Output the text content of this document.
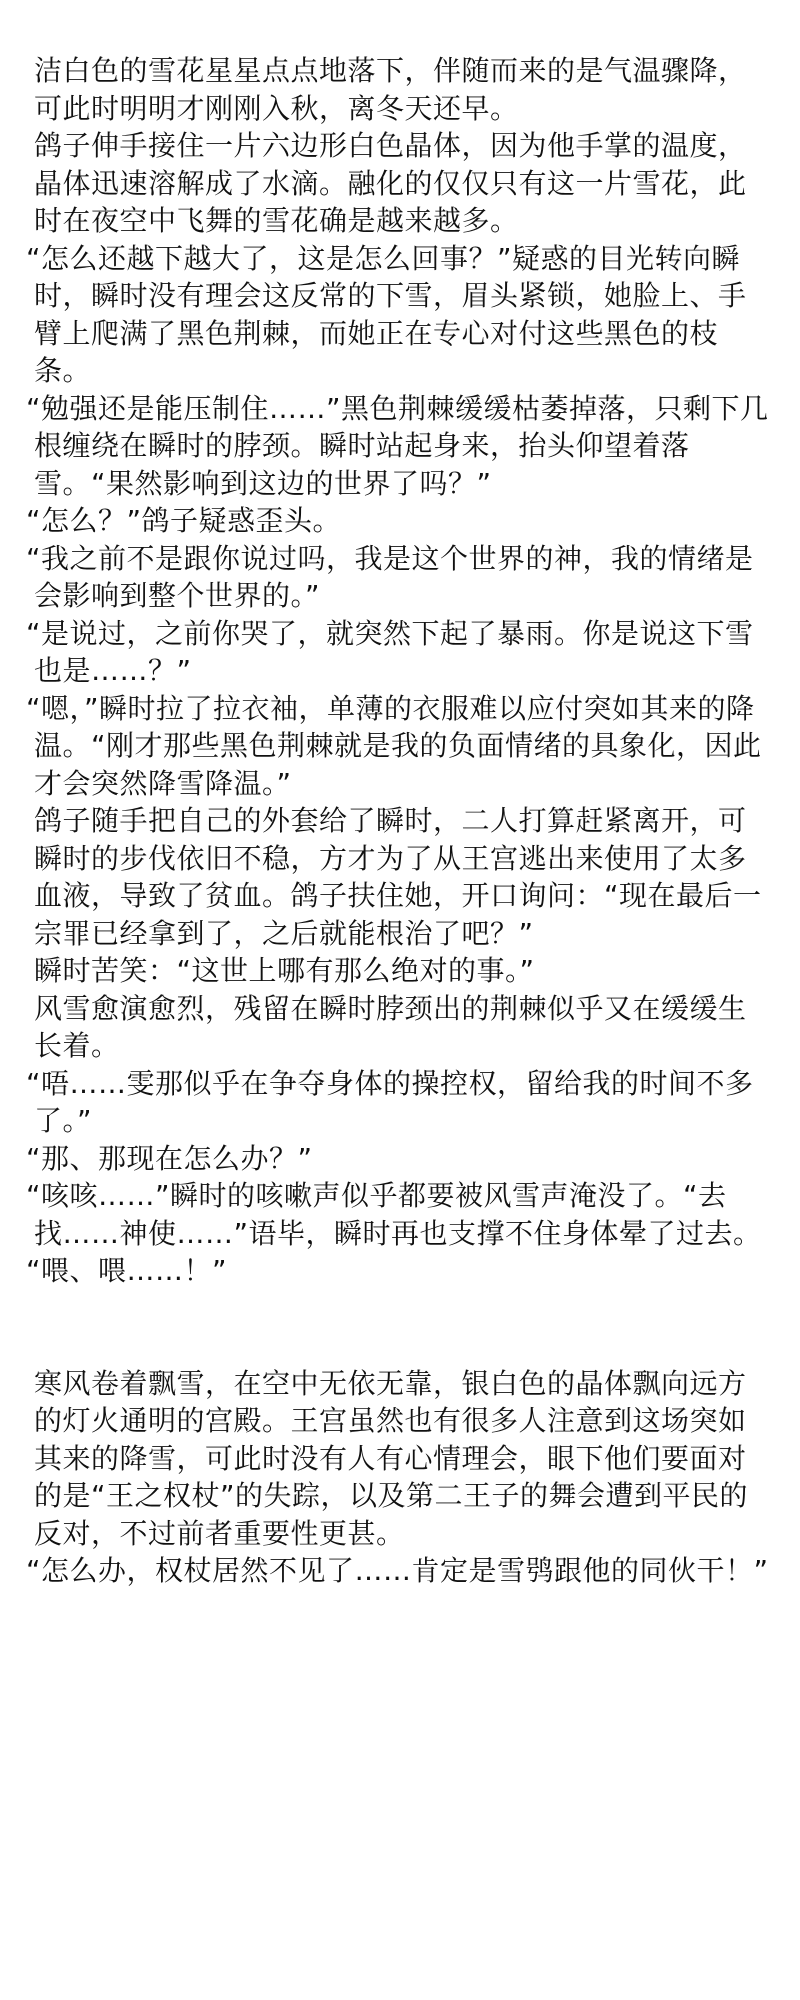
洁白色的雪花星星点点地落下，伴随而来的是气温骤降，可此时明明才刚刚入秋，离冬天还早。

鸽子伸手接住一片六边形白色晶体，因为他手掌的温度，晶体迅速溶解成了水滴。融化的仅仅只有这一片雪花，此时在夜空中飞舞的雪花确是越来越多。

“怎么还越下越大了，这是怎么回事？”疑惑的目光转向瞬时，瞬时没有理会这反常的下雪，眉头紧锁，她脸上、手臂上爬满了黑色荆棘，而她正在专心对付这些黑色的枝条。

“勉强还是能压制住……”黑色荆棘缓缓枯萎掉落，只剩下几根缠绕在瞬时的脖颈。瞬时站起身来，抬头仰望着落雪。“果然影响到这边的世界了吗？”

“怎么？”鸽子疑惑歪头。

“我之前不是跟你说过吗，我是这个世界的神，我的情绪是会影响到整个世界的。”

“是说过，之前你哭了，就突然下起了暴雨。你是说这下雪也是……？”

“嗯，”瞬时拉了拉衣袖，单薄的衣服难以应付突如其来的降温。“刚才那些黑色荆棘就是我的负面情绪的具象化，因此才会突然降雪降温。”

鸽子随手把自己的外套给了瞬时，二人打算赶紧离开，可瞬时的步伐依旧不稳，方才为了从王宫逃出来使用了太多血液，导致了贫血。鸽子扶住她，开口询问：“现在最后一宗罪已经拿到了，之后就能根治了吧？”

瞬时苦笑：“这世上哪有那么绝对的事。”

风雪愈演愈烈，残留在瞬时脖颈出的荆棘似乎又在缓缓生长着。

“唔……雯那似乎在争夺身体的操控权，留给我的时间不多了。”

“那、那现在怎么办？”

“咳咳……”瞬时的咳嗽声似乎都要被风雪声淹没了。“去找……神使……”语毕，瞬时再也支撑不住身体晕了过去。

“喂、喂……！”

寒风卷着飘雪，在空中无依无靠，银白色的晶体飘向远方的灯火通明的宫殿。王宫虽然也有很多人注意到这场突如其来的降雪，可此时没有人有心情理会，眼下他们要面对的是“王之权杖”的失踪，以及第二王子的舞会遭到平民的反对，不过前者重要性更甚。

“怎么办，权杖居然不见了……肯定是雪鸮跟他的同伙干！”
